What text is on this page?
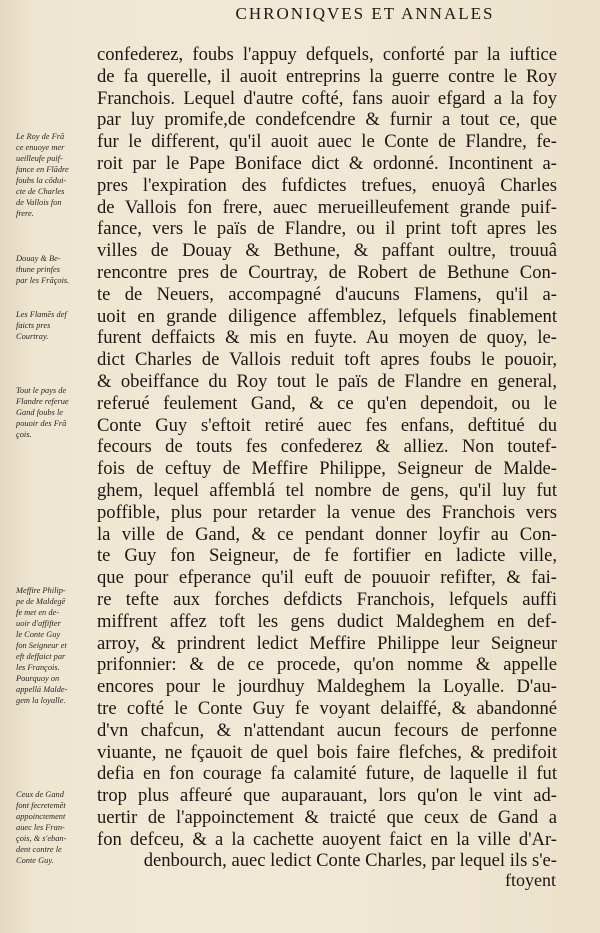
CHRONIQVES ET ANNALES
Le Roy de Frã
ce enuoye mer
ueilleufe puif-
fance en Flãdre
foubs la cõdui-
cte de Charles
de Vallois fon
frere.
Douay & Be-
thune prinfes
par les Frãçois.
Les Flamẽs def
faicts pres
Courtray.
Tout le pays de
Flandre referue
Gand foubs le
pouoir des Frã
çois.
Meffire Philip-
pe de Maldegẽ
fe met en de-
uoir d'affifter
le Conte Guy
fon Seigneur et
eft deffaict par
les Franҫois.
Pourquoy on
appellá Malde-
gem la loyalle.
Ceux de Gand
font fecretemẽt
appoinctement
auec les Fran-
çois, & s'eban-
dent contre le
Conte Guy.
confederez, foubs l'appuy defquels, conforté par la iuftice
de fa querelle, il auoit entreprins la guerre contre le Roy
Franchois. Lequel d'autre cofté, fans auoir efgard a la foy
par luy promife,de condefcendre & furnir a tout ce, que
fur le different, qu'il auoit auec le Conte de Flandre, fe-
roit par le Pape Boniface dict & ordonné. Incontinent a-
pres l'expiration des fufdictes trefues, enuoyâ Charles
de Vallois fon frere, auec merueilleufement grande puif-
fance, vers le païs de Flandre, ou il print toft apres les
villes de Douay & Bethune, & paffant oultre, trouuâ
rencontre pres de Courtray, de Robert de Bethune Con-
te de Neuers, accompagné d'aucuns Flamens, qu'il a-
uoit en grande diligence affemblez, lefquels finablement
furent deffaicts & mis en fuyte. Au moyen de quoy, le-
dict Charles de Vallois reduit toft apres foubs le pouoir,
& obeiffance du Roy tout le païs de Flandre en general,
referué feulement Gand, & ce qu'en dependoit, ou le
Conte Guy s'eftoit retiré auec fes enfans, deftitué du
fecours de touts fes confederez & alliez. Non toutef-
fois de ceftuy de Meffire Philippe, Seigneur de Malde-
ghem, lequel affemblá tel nombre de gens, qu'il luy fut
poffible, plus pour retarder la venue des Franchois vers
la ville de Gand, & ce pendant donner loyfir au Con-
te Guy fon Seigneur, de fe fortifier en ladicte ville,
que pour efperance qu'il euft de pouuoir refifter, & fai-
re tefte aux forches defdicts Franchois, lefquels auffi
miffrent affez toft les gens dudict Maldeghem en def-
arroy, & prindrent ledict Meffire Philippe leur Seigneur
prifonnier: & de ce procede, qu'on nomme & appelle
encores pour le jourdhuy Maldeghem la Loyalle. D'au-
tre cofté le Conte Guy fe voyant delaiffé, & abandonné
d'vn chafcun, & n'attendant aucun fecours de perfonne
viuante, ne fçauoit de quel bois faire flefches, & predifoit
defia en fon courage fa calamité future, de laquelle il fut
trop plus affeuré que auparauant, lors qu'on le vint ad-
uertir de l'appoinctement & traicté que ceux de Gand a
fon defceu, & a la cachette auoyent faict en la ville d'Ar-
denbourch, auec ledict Conte Charles, par lequel ils s'e-
ftoyent
